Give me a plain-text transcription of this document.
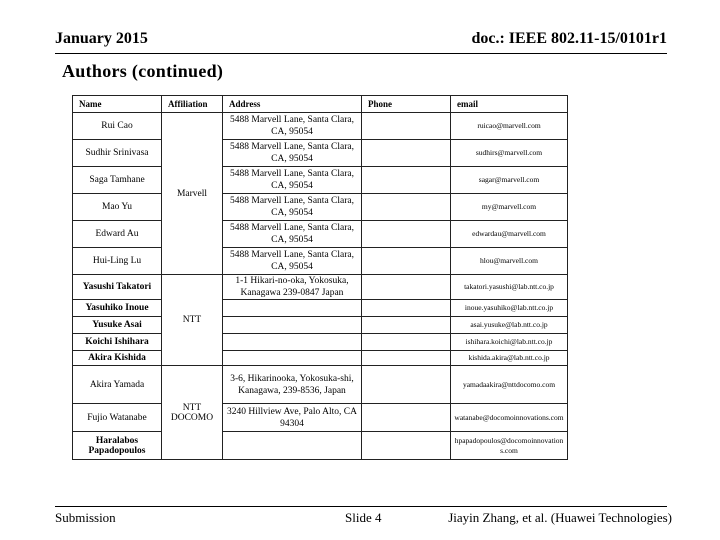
January 2015	doc.: IEEE 802.11-15/0101r1
Authors (continued)
Name	Affiliation	Address	Phone	email
Rui Cao	Marvell	5488 Marvell Lane, Santa Clara, CA, 95054		ruicao@marvell.com
Sudhir Srinivasa		5488 Marvell Lane, Santa Clara, CA, 95054		sudhirs@marvell.com
Saga Tamhane		5488 Marvell Lane, Santa Clara, CA, 95054		sagar@marvell.com
Mao Yu		5488 Marvell Lane, Santa Clara, CA, 95054		my@marvell.com
Edward Au		5488 Marvell Lane, Santa Clara, CA, 95054		edwardau@marvell.com
Hui-Ling Lu		5488 Marvell Lane, Santa Clara, CA, 95054		hlou@marvell.com
Yasushi Takatori	NTT	1-1 Hikari-no-oka, Yokosuka, Kanagawa 239-0847 Japan		takatori.yasushi@lab.ntt.co.jp
Yasuhiko Inoue				inoue.yasuhiko@lab.ntt.co.jp
Yusuke Asai				asai.yusuke@lab.ntt.co.jp
Koichi Ishihara				ishihara.koichi@lab.ntt.co.jp
Akira Kishida				kishida.akira@lab.ntt.co.jp
Akira Yamada	NTT DOCOMO	3-6, Hikarinooka, Yokosuka-shi, Kanagawa, 239-8536, Japan		yamadaakira@nttdocomo.com
Fujio Watanabe		3240 Hillview Ave, Palo Alto, CA 94304		watanabe@docomoinnovations.com
Haralabos Papadopoulos				hpapadopoulos@docomoinnovations.com
Submission	Slide 4	Jiayin Zhang, et al. (Huawei Technologies)
